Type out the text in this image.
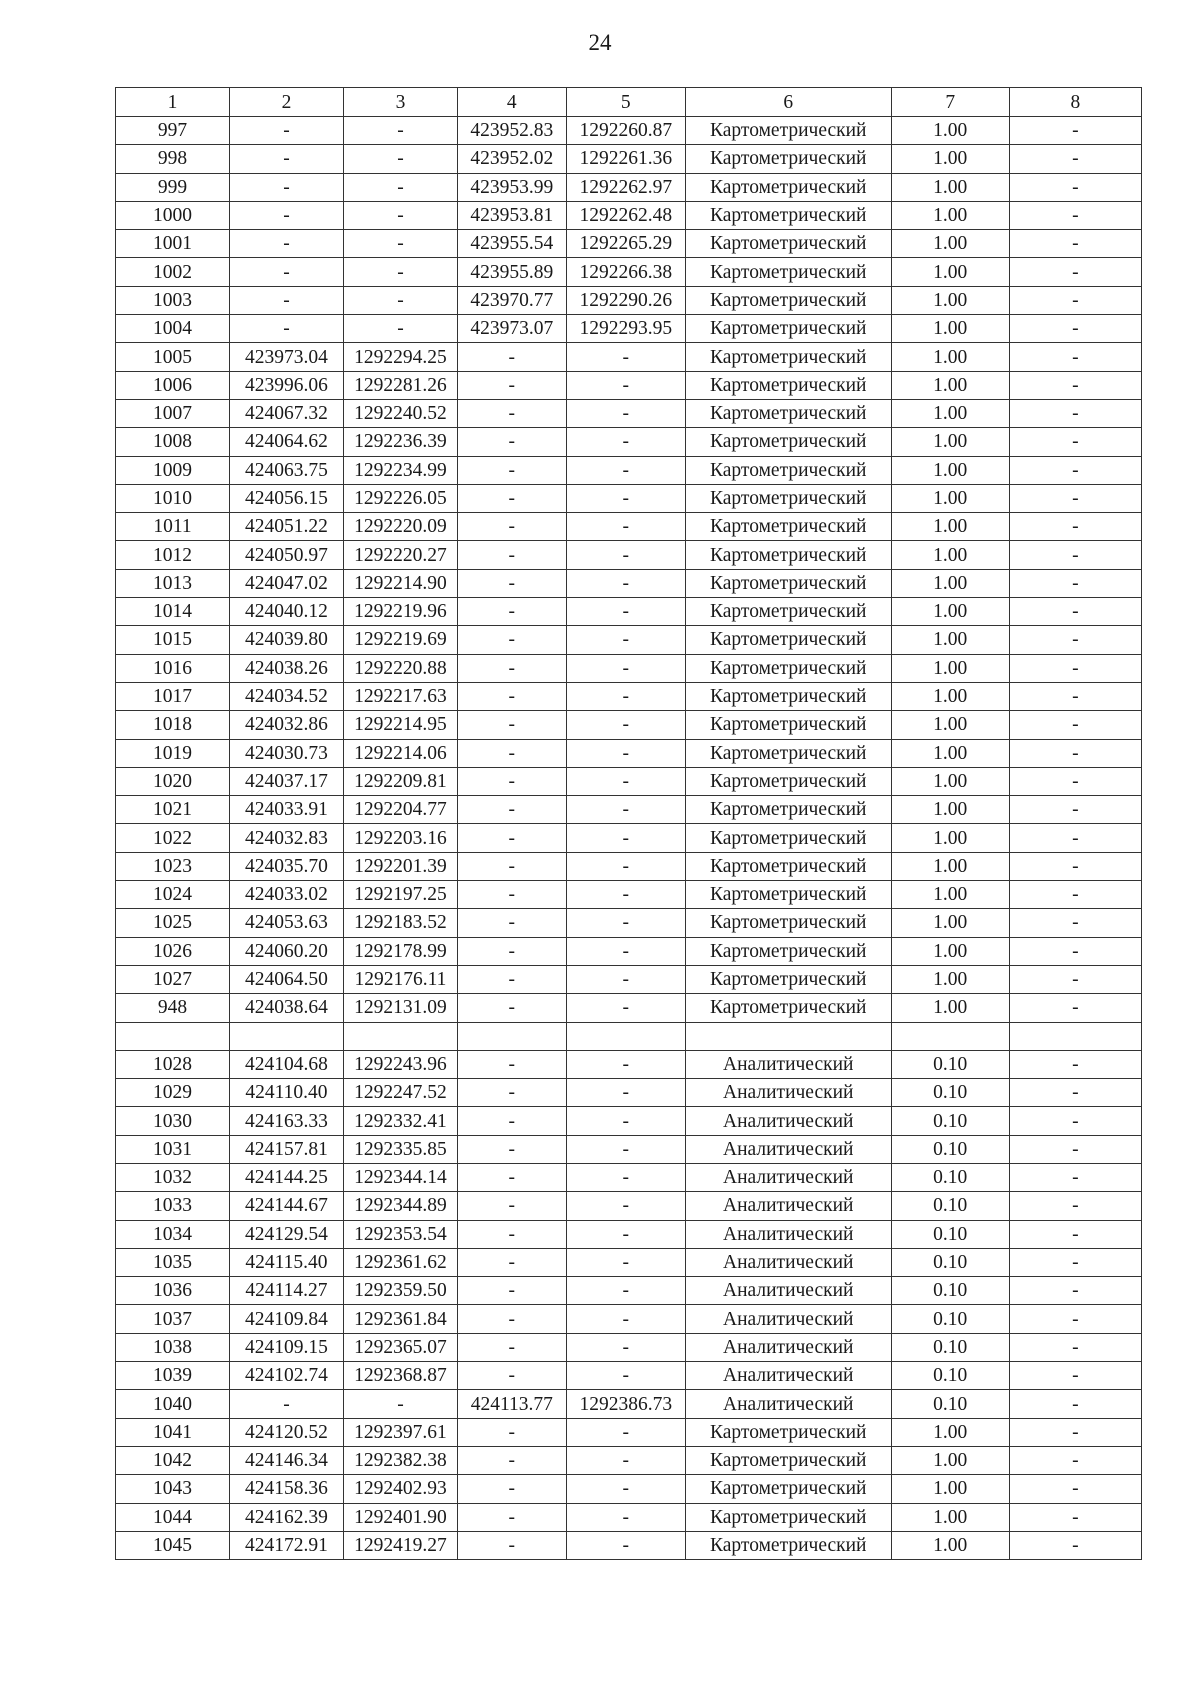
24
1	2	3	4	5	6	7	8
997	-	-	423952.83	1292260.87	Картометрический	1.00	-
998	-	-	423952.02	1292261.36	Картометрический	1.00	-
999	-	-	423953.99	1292262.97	Картометрический	1.00	-
1000	-	-	423953.81	1292262.48	Картометрический	1.00	-
1001	-	-	423955.54	1292265.29	Картометрический	1.00	-
1002	-	-	423955.89	1292266.38	Картометрический	1.00	-
1003	-	-	423970.77	1292290.26	Картометрический	1.00	-
1004	-	-	423973.07	1292293.95	Картометрический	1.00	-
1005	423973.04	1292294.25	-	-	Картометрический	1.00	-
1006	423996.06	1292281.26	-	-	Картометрический	1.00	-
1007	424067.32	1292240.52	-	-	Картометрический	1.00	-
1008	424064.62	1292236.39	-	-	Картометрический	1.00	-
1009	424063.75	1292234.99	-	-	Картометрический	1.00	-
1010	424056.15	1292226.05	-	-	Картометрический	1.00	-
1011	424051.22	1292220.09	-	-	Картометрический	1.00	-
1012	424050.97	1292220.27	-	-	Картометрический	1.00	-
1013	424047.02	1292214.90	-	-	Картометрический	1.00	-
1014	424040.12	1292219.96	-	-	Картометрический	1.00	-
1015	424039.80	1292219.69	-	-	Картометрический	1.00	-
1016	424038.26	1292220.88	-	-	Картометрический	1.00	-
1017	424034.52	1292217.63	-	-	Картометрический	1.00	-
1018	424032.86	1292214.95	-	-	Картометрический	1.00	-
1019	424030.73	1292214.06	-	-	Картометрический	1.00	-
1020	424037.17	1292209.81	-	-	Картометрический	1.00	-
1021	424033.91	1292204.77	-	-	Картометрический	1.00	-
1022	424032.83	1292203.16	-	-	Картометрический	1.00	-
1023	424035.70	1292201.39	-	-	Картометрический	1.00	-
1024	424033.02	1292197.25	-	-	Картометрический	1.00	-
1025	424053.63	1292183.52	-	-	Картометрический	1.00	-
1026	424060.20	1292178.99	-	-	Картометрический	1.00	-
1027	424064.50	1292176.11	-	-	Картометрический	1.00	-
948	424038.64	1292131.09	-	-	Картометрический	1.00	-

1028	424104.68	1292243.96	-	-	Аналитический	0.10	-
1029	424110.40	1292247.52	-	-	Аналитический	0.10	-
1030	424163.33	1292332.41	-	-	Аналитический	0.10	-
1031	424157.81	1292335.85	-	-	Аналитический	0.10	-
1032	424144.25	1292344.14	-	-	Аналитический	0.10	-
1033	424144.67	1292344.89	-	-	Аналитический	0.10	-
1034	424129.54	1292353.54	-	-	Аналитический	0.10	-
1035	424115.40	1292361.62	-	-	Аналитический	0.10	-
1036	424114.27	1292359.50	-	-	Аналитический	0.10	-
1037	424109.84	1292361.84	-	-	Аналитический	0.10	-
1038	424109.15	1292365.07	-	-	Аналитический	0.10	-
1039	424102.74	1292368.87	-	-	Аналитический	0.10	-
1040	-	-	424113.77	1292386.73	Аналитический	0.10	-
1041	424120.52	1292397.61	-	-	Картометрический	1.00	-
1042	424146.34	1292382.38	-	-	Картометрический	1.00	-
1043	424158.36	1292402.93	-	-	Картометрический	1.00	-
1044	424162.39	1292401.90	-	-	Картометрический	1.00	-
1045	424172.91	1292419.27	-	-	Картометрический	1.00	-
